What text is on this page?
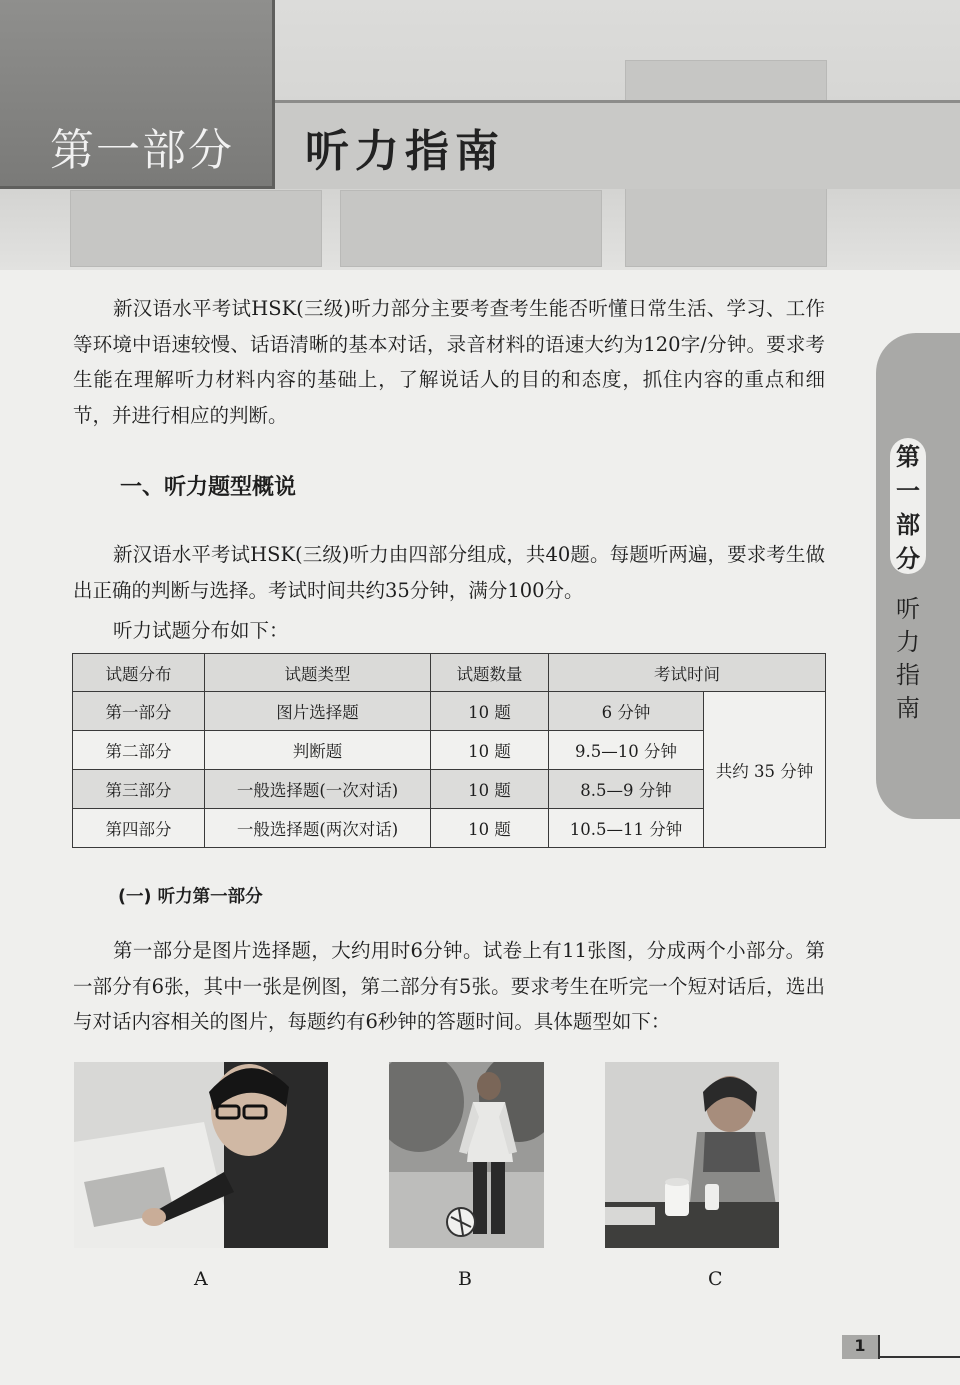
第一部分 听力指南
第一部分
听力指南

新汉语水平考试HSK(三级)听力部分主要考查考生能否听懂日常生活、学习、工作等环境中语速较慢、话语清晰的基本对话，录音材料的语速大约为120字/分钟。要求考生能在理解听力材料内容的基础上，了解说话人的目的和态度，抓住内容的重点和细节，并进行相应的判断。

一、听力题型概说

新汉语水平考试HSK(三级)听力由四部分组成，共40题。每题听两遍，要求考生做出正确的判断与选择。考试时间共约35分钟，满分100分。

听力试题分布如下：
试题分布	试题类型	试题数量	考试时间	
第一部分	图片选择题	10 题	6 分钟	共约 35 分钟
第二部分	判断题	10 题	9.5—10 分钟	
第三部分	一般选择题(一次对话)	10 题	8.5—9 分钟	
第四部分	一般选择题(两次对话)	10 题	10.5—11 分钟	
(一) 听力第一部分

第一部分是图片选择题，大约用时6分钟。试卷上有11张图，分成两个小部分。第一部分有6张，其中一张是例图，第二部分有5张。要求考生在听完一个短对话后，选出与对话内容相关的图片，每题约有6秒钟的答题时间。具体题型如下：

A	B	C
1
